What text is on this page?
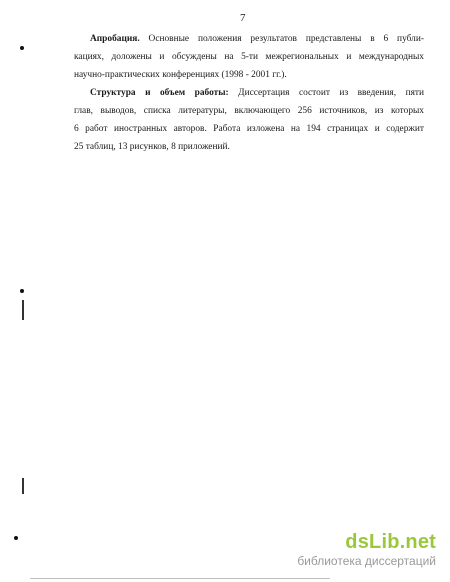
7
Апробация. Основные положения результатов представлены в 6 публи-
кациях, доложены и обсуждены на 5-ти межрегиональных и международных
научно-практических конференциях (1998 - 2001 гг.).
Структура и объем работы: Диссертация состоит из введения, пяти
глав, выводов, списка литературы, включающего 256 источников, из которых
6 работ иностранных авторов. Работа изложена на 194 страницах и содержит
25 таблиц, 13 рисунков, 8 приложений.
dsLib.net
библиотека диссертаций
